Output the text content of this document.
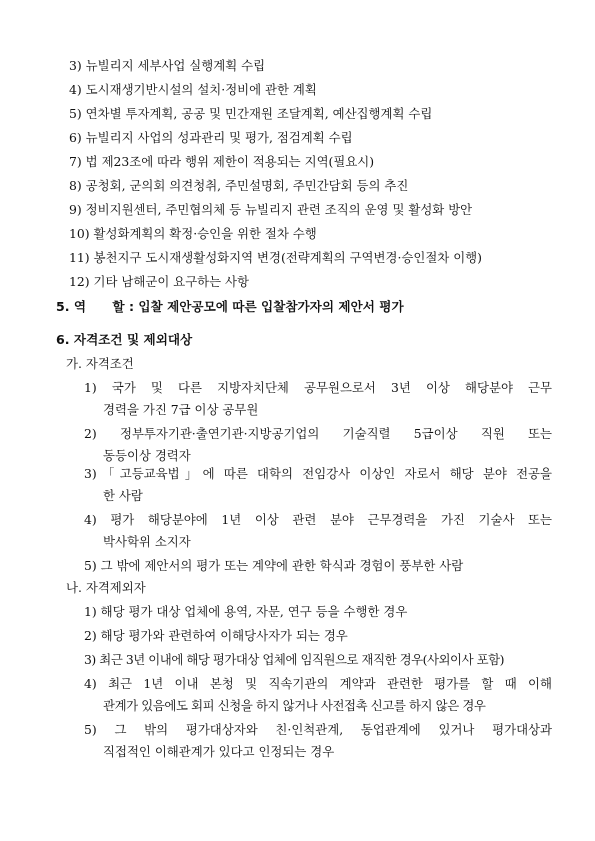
3) 뉴빌리지 세부사업 실행계획 수립
4) 도시재생기반시설의 설치·정비에 관한 계획
5) 연차별 투자계획, 공공 및 민간재원 조달계획, 예산집행계획 수립
6) 뉴빌리지 사업의 성과관리 및 평가, 점검계획 수립
7) 법 제23조에 따라 행위 제한이 적용되는 지역(필요시)
8) 공청회, 군의회 의견청취, 주민설명회, 주민간담회 등의 추진
9) 정비지원센터, 주민협의체 등 뉴빌리지 관련 조직의 운영 및 활성화 방안
10) 활성화계획의 확정·승인을 위한 절차 수행
11) 봉천지구 도시재생활성화지역 변경(전략계획의 구역변경·승인절차 이행)
12) 기타 남해군이 요구하는 사항
5. 역      할 : 입찰 제안공모에 따른 입찰참가자의 제안서 평가
6. 자격조건 및 제외대상
가. 자격조건
1) 국가 및 다른 지방자치단체 공무원으로서 3년 이상 해당분야 근무
경력을 가진 7급 이상 공무원
2) 정부투자기관·출연기관·지방공기업의 기술직렬 5급이상 직원 또는
동등이상 경력자
3)「고등교육법」에 따른 대학의 전임강사 이상인 자로서 해당 분야 전공을
한 사람
4) 평가 해당분야에 1년 이상 관련 분야 근무경력을 가진 기술사 또는
박사학위 소지자
5) 그 밖에 제안서의 평가 또는 계약에 관한 학식과 경험이 풍부한 사람
나. 자격제외자
1) 해당 평가 대상 업체에 용역, 자문, 연구 등을 수행한 경우
2) 해당 평가와 관련하여 이해당사자가 되는 경우
3) 최근 3년 이내에 해당 평가대상 업체에 임직원으로 재직한 경우(사외이사 포함)
4) 최근 1년 이내 본청 및 직속기관의 계약과 관련한 평가를 할 때 이해
관계가 있음에도 회피 신청을 하지 않거나 사전접촉 신고를 하지 않은 경우
5) 그 밖의 평가대상자와 친·인척관계, 동업관계에 있거나 평가대상과
직접적인 이해관계가 있다고 인정되는 경우
